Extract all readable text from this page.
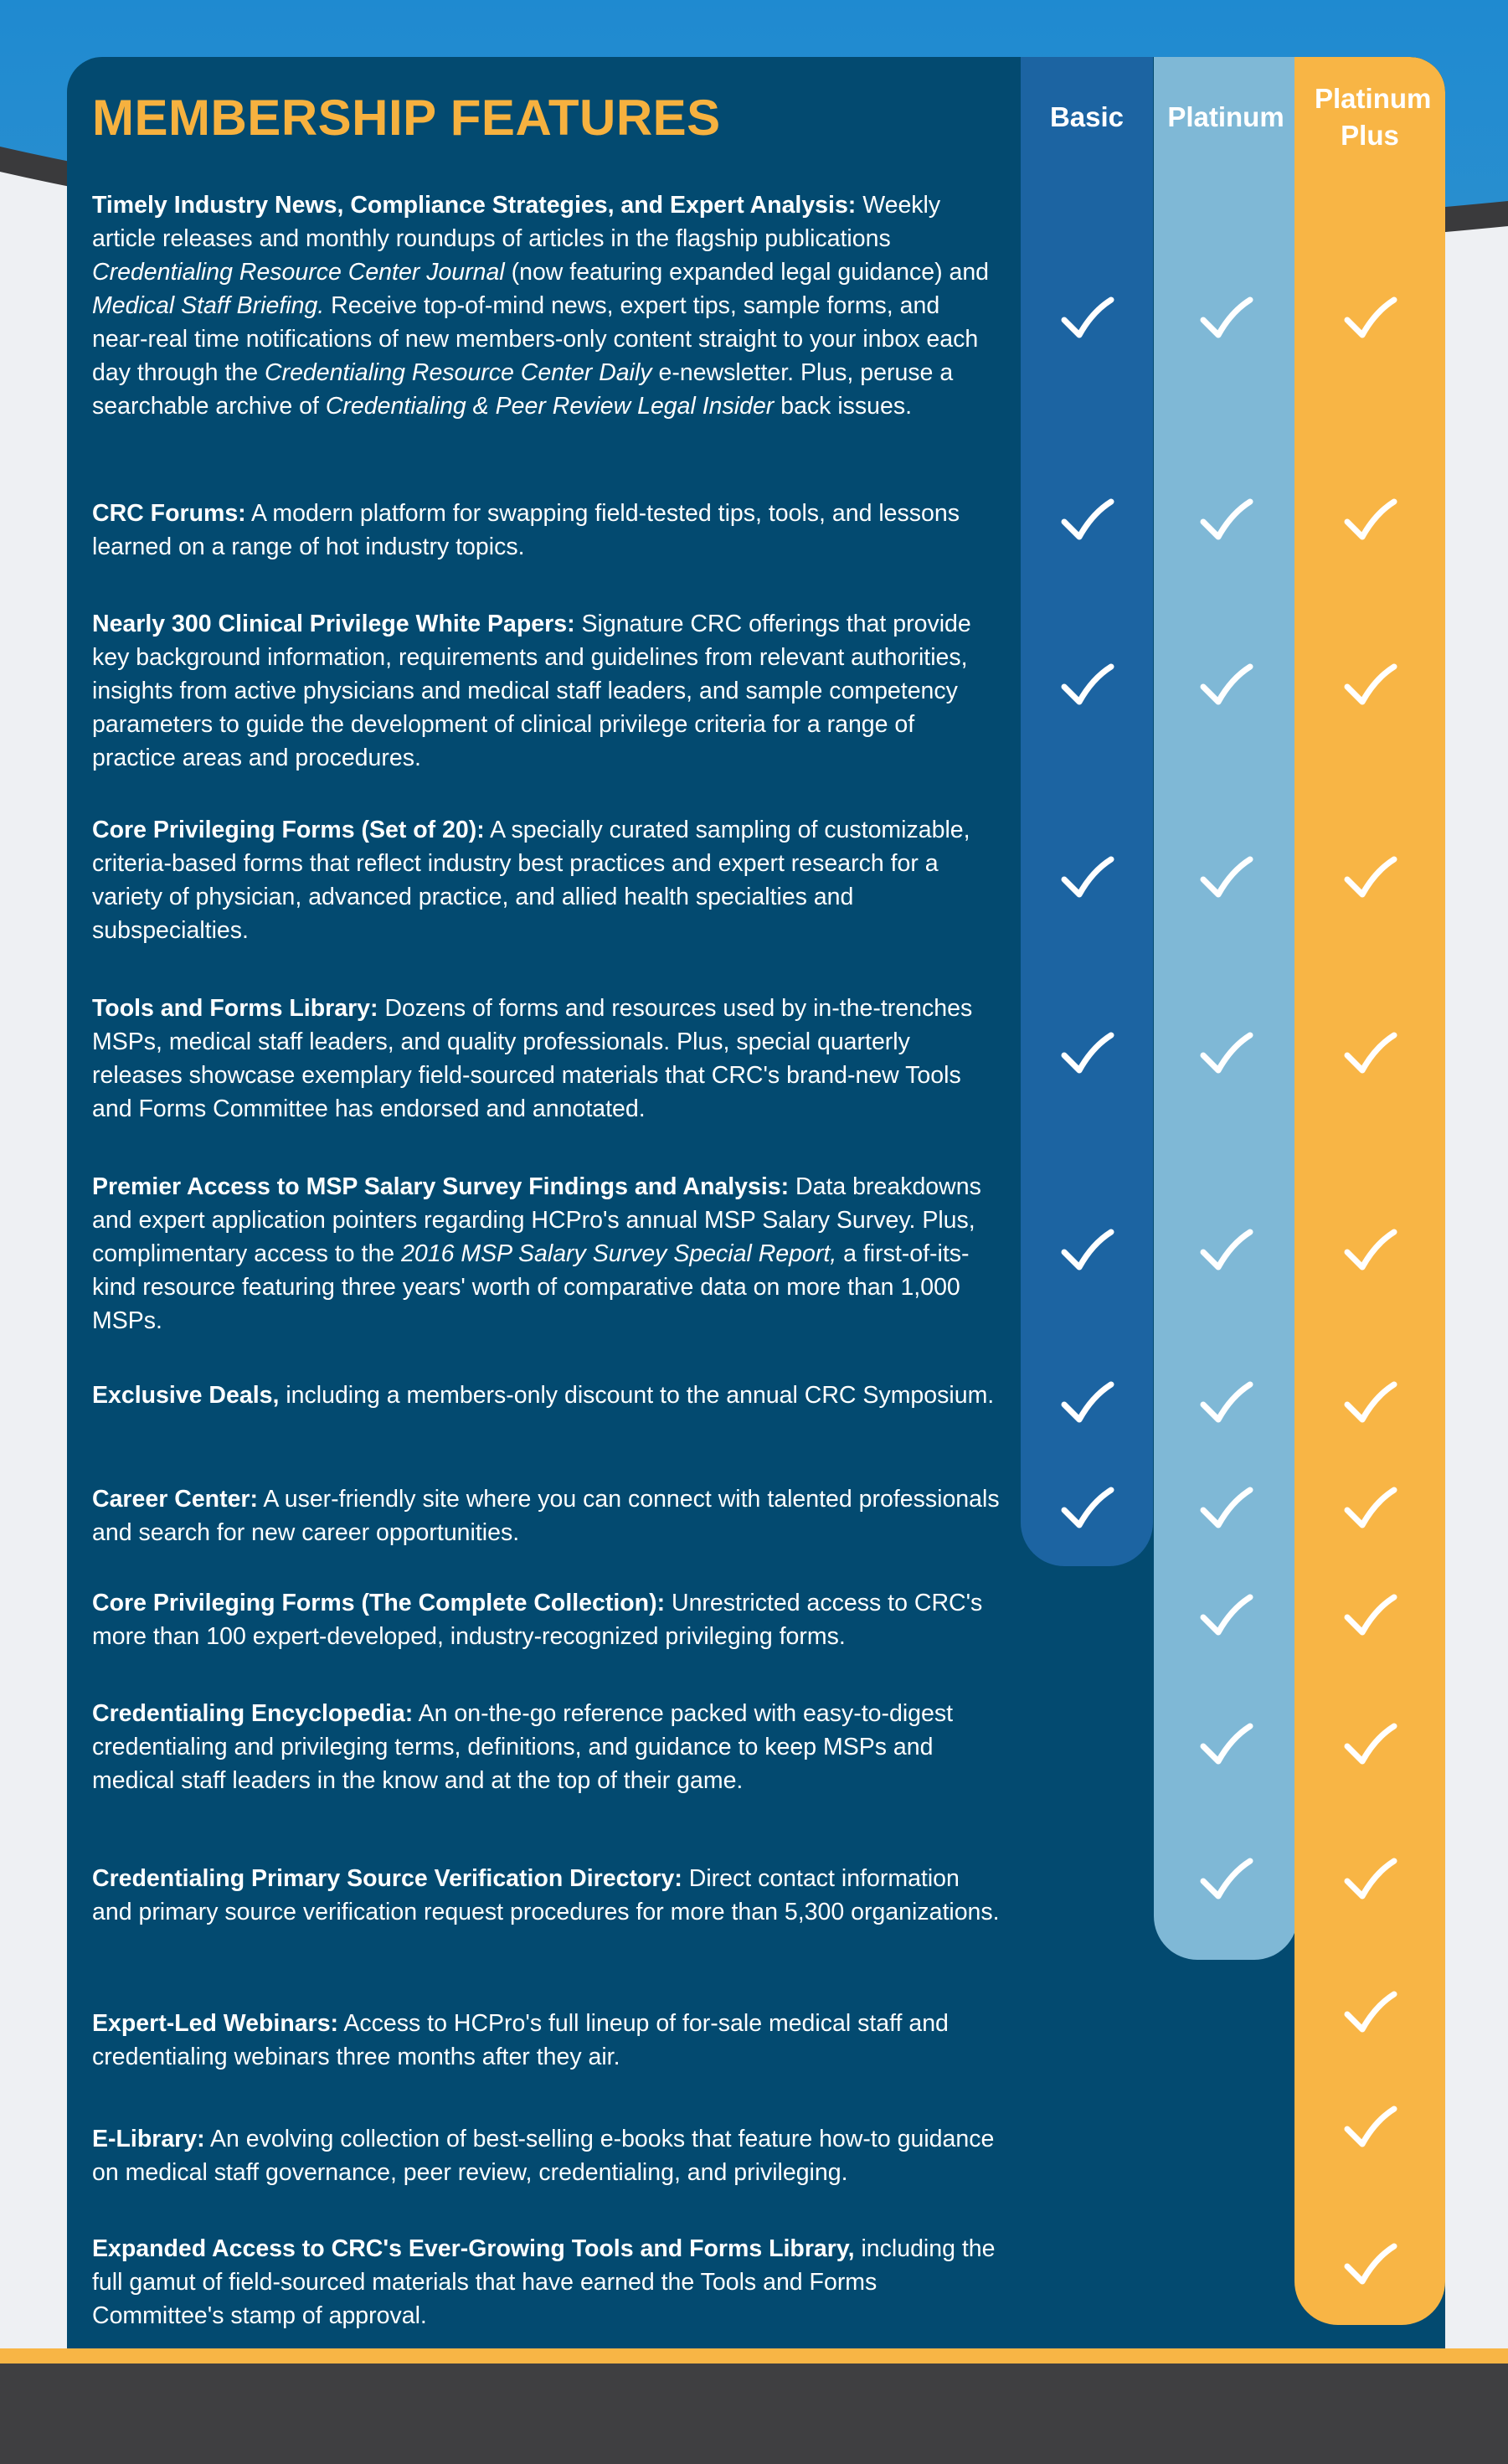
Basic	Platinum
Platinum Plus
MEMBERSHIP FEATURES
Timely Industry News, Compliance Strategies, and Expert Analysis: Weekly article releases and monthly roundups of articles in the flagship publications Credentialing Resource Center Journal (now featuring expanded legal guidance) and Medical Staff Briefing. Receive top-of-mind news, expert tips, sample forms, and near-real time notifications of new members-only content straight to your inbox each day through the Credentialing Resource Center Daily e-newsletter. Plus, peruse a searchable archive of Credentialing & Peer Review Legal Insider back issues.
CRC Forums: A modern platform for swapping field-tested tips, tools, and lessons learned on a range of hot industry topics.
Nearly 300 Clinical Privilege White Papers: Signature CRC offerings that provide key background information, requirements and guidelines from relevant authorities, insights from active physicians and medical staff leaders, and sample competency parameters to guide the development of clinical privilege criteria for a range of practice areas and procedures.
Core Privileging Forms (Set of 20): A specially curated sampling of customizable, criteria-based forms that reflect industry best practices and expert research for a variety of physician, advanced practice, and allied health specialties and subspecialties.
Tools and Forms Library: Dozens of forms and resources used by in-the-trenches MSPs, medical staff leaders, and quality professionals. Plus, special quarterly releases showcase exemplary field-sourced materials that CRC's brand-new Tools and Forms Committee has endorsed and annotated.
Premier Access to MSP Salary Survey Findings and Analysis: Data breakdowns and expert application pointers regarding HCPro's annual MSP Salary Survey. Plus, complimentary access to the 2016 MSP Salary Survey Special Report, a first-of-its-kind resource featuring three years' worth of comparative data on more than 1,000 MSPs.
Exclusive Deals, including a members-only discount to the annual CRC Symposium.
Career Center: A user-friendly site where you can connect with talented professionals and search for new career opportunities.
Core Privileging Forms (The Complete Collection): Unrestricted access to CRC's more than 100 expert-developed, industry-recognized privileging forms.
Credentialing Encyclopedia: An on-the-go reference packed with easy-to-digest credentialing and privileging terms, definitions, and guidance to keep MSPs and medical staff leaders in the know and at the top of their game.
Credentialing Primary Source Verification Directory: Direct contact information and primary source verification request procedures for more than 5,300 organizations.
Expert-Led Webinars: Access to HCPro's full lineup of for-sale medical staff and credentialing webinars three months after they air.
E-Library: An evolving collection of best-selling e-books that feature how-to guidance on medical staff governance, peer review, credentialing, and privileging.
Expanded Access to CRC's Ever-Growing Tools and Forms Library, including the full gamut of field-sourced materials that have earned the Tools and Forms Committee's stamp of approval.
